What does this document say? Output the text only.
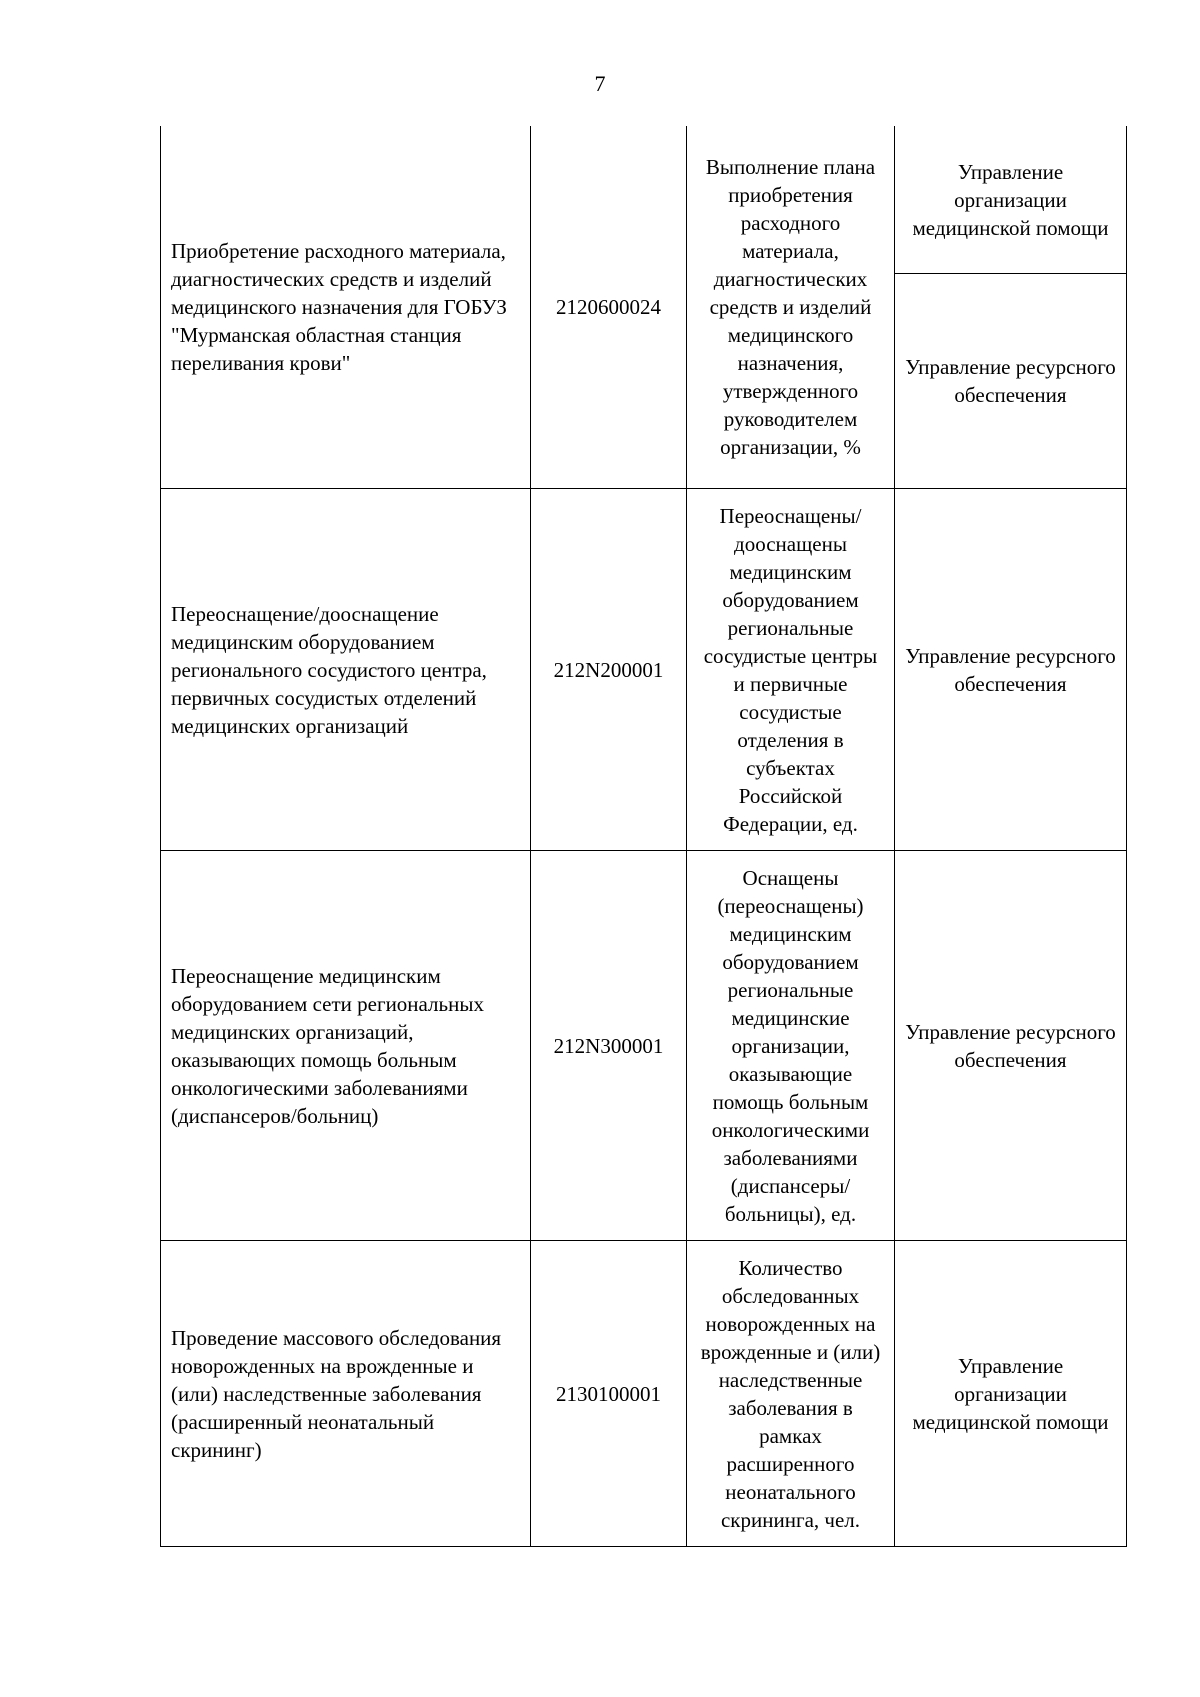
7
Приобретение расходного материала, диагностических средств и изделий медицинского назначения для ГОБУЗ "Мурманская областная станция переливания крови"	2120600024	Выполнение плана приобретения расходного материала, диагностических средств и изделий медицинского назначения, утвержденного руководителем организации, %	Управление организации медицинской помощи
			Управление ресурсного обеспечения
Переоснащение/дооснащение медицинским оборудованием регионального сосудистого центра, первичных сосудистых отделений медицинских организаций	212N200001	Переоснащены/дооснащены медицинским оборудованием региональные сосудистые центры и первичные сосудистые отделения в субъектах Российской Федерации, ед.	Управление ресурсного обеспечения
Переоснащение медицинским оборудованием сети региональных медицинских организаций, оказывающих помощь больным онкологическими заболеваниями (диспансеров/больниц)	212N300001	Оснащены (переоснащены) медицинским оборудованием региональные медицинские организации, оказывающие помощь больным онкологическими заболеваниями (диспансеры/больницы), ед.	Управление ресурсного обеспечения
Проведение массового обследования новорожденных на врожденные и (или) наследственные заболевания (расширенный неонатальный скрининг)	2130100001	Количество обследованных новорожденных на врожденные и (или) наследственные заболевания в рамках расширенного неонатального скрининга, чел.	Управление организации медицинской помощи
